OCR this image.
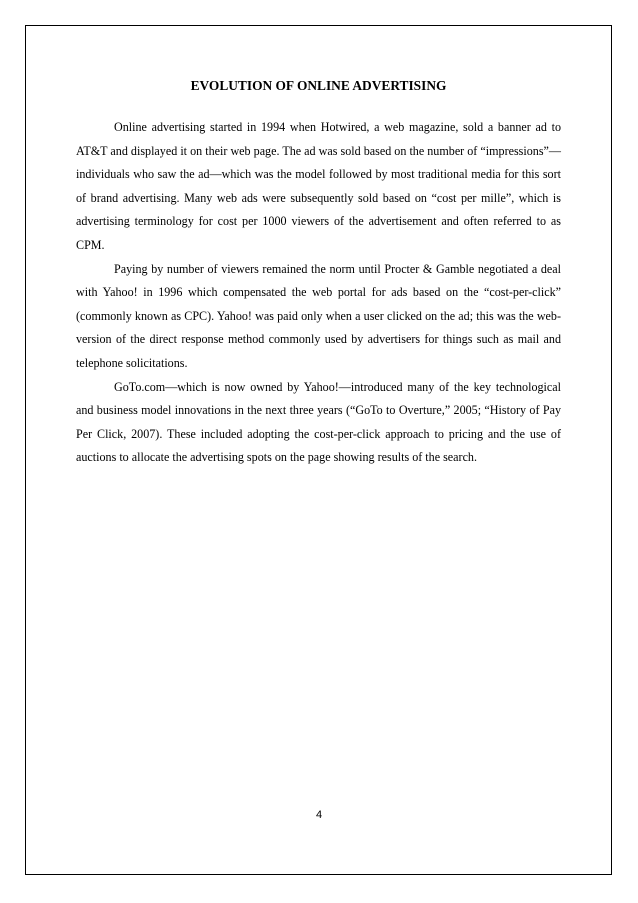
EVOLUTION OF ONLINE ADVERTISING

Online advertising started in 1994 when Hotwired, a web magazine, sold a banner ad to AT&T and displayed it on their web page. The ad was sold based on the number of “impressions”— individuals who saw the ad—which was the model followed by most traditional media for this sort of brand advertising. Many web ads were subsequently sold based on “cost per mille”, which is advertising terminology for cost per 1000 viewers of the advertisement and often referred to as CPM.

Paying by number of viewers remained the norm until Procter & Gamble negotiated a deal with Yahoo! in 1996 which compensated the web portal for ads based on the “cost-per-click” (commonly known as CPC). Yahoo! was paid only when a user clicked on the ad; this was the web-version of the direct response method commonly used by advertisers for things such as mail and telephone solicitations.

GoTo.com—which is now owned by Yahoo!—introduced many of the key technological and business model innovations in the next three years (“GoTo to Overture,” 2005; “History of Pay Per Click, 2007). These included adopting the cost-per-click approach to pricing and the use of auctions to allocate the advertising spots on the page showing results of the search.

4
